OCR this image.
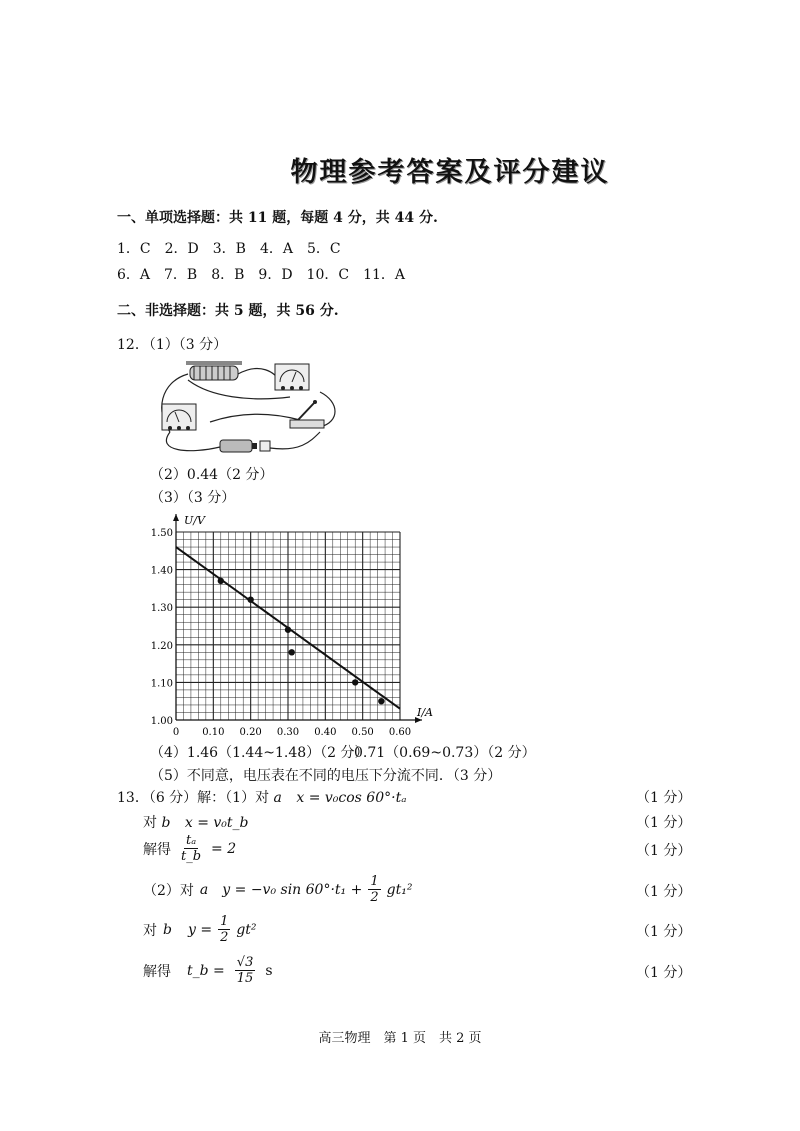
物理参考答案及评分建议
一、单项选择题：共 11 题，每题 4 分，共 44 分.
1．C　2．D　3．B　4．A　5．C
6．A　7．B　8．B　9．D　10．C　11．A
二、非选择题：共 5 题，共 56 分.
12．（1）（3 分）
（2）0.44（2 分）
（3）（3 分）
0 0.10 0.20 0.30 0.40 0.50 0.60
1.00
1.10
1.20
1.30
1.40
1.50
I/A
U/V
（4）1.46（1.44~1.48）（2 分）
0.71（0.69~0.73）（2 分）
（5）不同意，电压表在不同的电压下分流不同．（3 分）
13．（6 分）解：（1）对 a x = v₀cos 60°·tₐ	（1 分）
对 b x = v₀t_b	（1 分）
解得 $\frac{\text{tₐ}}{t\_b} = 2$	（1 分）
（2）对 a y = −v₀ $\sin 60^\circ\cdot t_1 + \frac{1}{2} gt_1^2$	（1 分）
对 b $y = \frac{1}{2} gt^2$	（1 分）
解得 t_b = $\frac{√3}{15}$ s	（1 分）
高三物理　第 1 页　共 2 页
